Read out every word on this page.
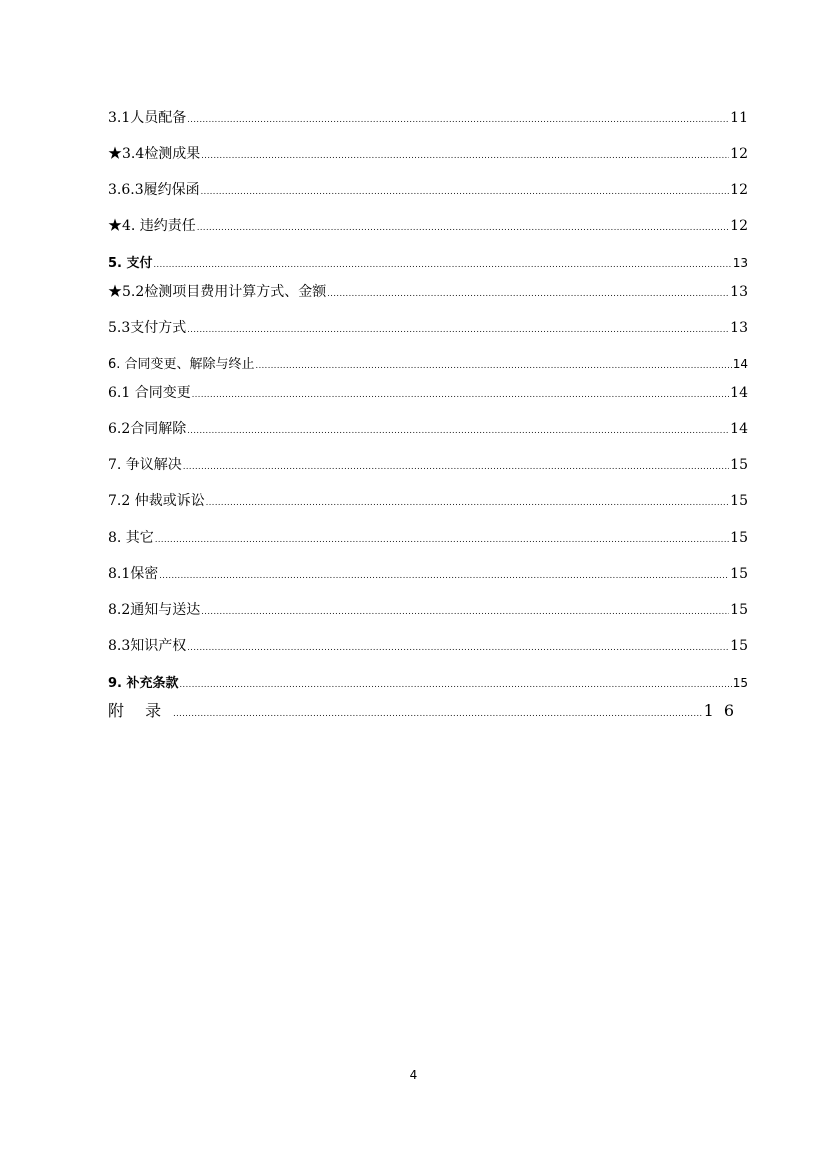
3.1人员配备 .....	11
★3.4检测成果 .....	12
3.6.3履约保函 .....	12
★4. 违约责任 .....	12
5. 支付 .....	13
★5.2检测项目费用计算方式、金额 .....	13
5.3支付方式 .....	13
6. 合同变更、解除与终止 .....	14
6.1 合同变更 .....	14
6.2合同解除 .....	14
7. 争议解决 .....	15
7.2 仲裁或诉讼 .....	15
8. 其它 .....	15
8.1保密 .....	15
8.2通知与送达 .....	15
8.3知识产权 .....	15
9. 补充条款 .....	15
附 录 .....	16
4
